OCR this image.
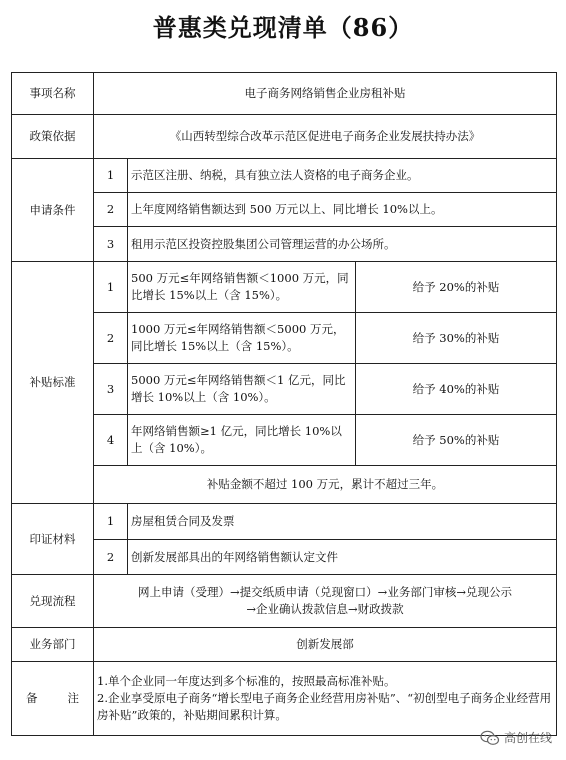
普惠类兑现清单（86）
事项名称	电子商务网络销售企业房租补贴		
政策依据	《山西转型综合改革示范区促进电子商务企业发展扶持办法》		
申请条件	1	示范区注册、纳税，具有独立法人资格的电子商务企业。	
	2	上年度网络销售额达到 500 万元以上、同比增长 10%以上。	
	3	租用示范区投资控股集团公司管理运营的办公场所。	
补贴标准	1	500 万元≤年网络销售额＜1000 万元，同比增长 15%以上（含 15%）。	给予 20%的补贴
	2	1000 万元≤年网络销售额＜5000 万元，同比增长 15%以上（含 15%）。	给予 30%的补贴
	3	5000 万元≤年网络销售额＜1 亿元，同比增长 10%以上（含 10%）。	给予 40%的补贴
	4	年网络销售额≥1 亿元，同比增长 10%以上（含 10%）。	给予 50%的补贴
	补贴金额不超过 100 万元，累计不超过三年。		
印证材料	1	房屋租赁合同及发票	
	2	创新发展部具出的年网络销售额认定文件	
兑现流程	网上申请（受理）→提交纸质申请（兑现窗口）→业务部门审核→兑现公示
→企业确认拨款信息→财政拨款		

业务部门	创新发展部		
备 注	1.单个企业同一年度达到多个标准的，按照最高标准补贴。
2.企业享受原电子商务“增长型电子商务企业经营用房补贴”、“初创型电子商务企业经营用房补贴”政策的，补贴期间累积计算。		
高创在线
